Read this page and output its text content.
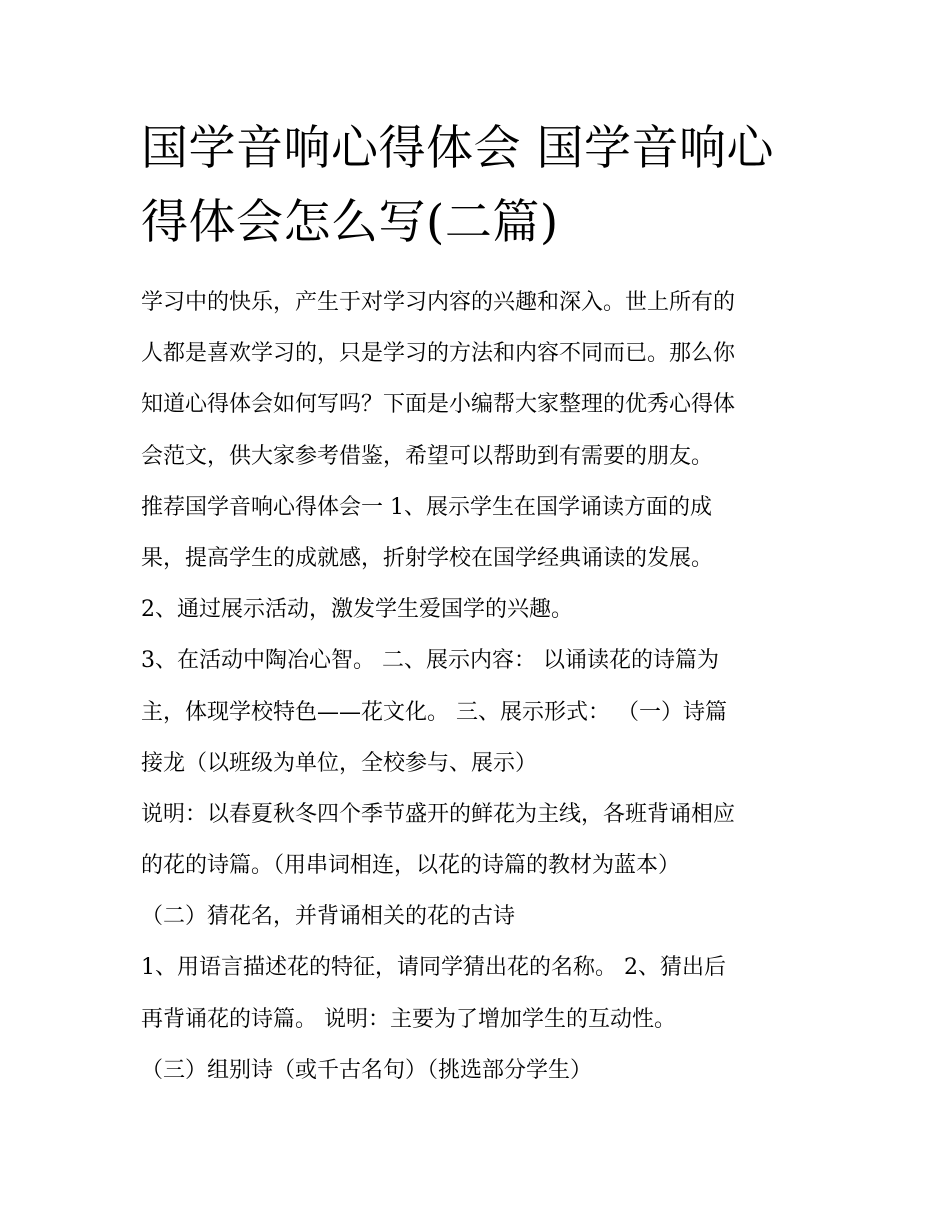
国学音响心得体会 国学音响心
得体会怎么写(二篇)
学习中的快乐，产生于对学习内容的兴趣和深入。世上所有的
人都是喜欢学习的，只是学习的方法和内容不同而已。那么你
知道心得体会如何写吗？下面是小编帮大家整理的优秀心得体
会范文，供大家参考借鉴，希望可以帮助到有需要的朋友。
推荐国学音响心得体会一 1、展示学生在国学诵读方面的成
果，提高学生的成就感，折射学校在国学经典诵读的发展。
2、通过展示活动，激发学生爱国学的兴趣。
3、在活动中陶冶心智。 二、展示内容： 以诵读花的诗篇为
主，体现学校特色——花文化。 三、展示形式： （一）诗篇
接龙（以班级为单位，全校参与、展示）
说明：以春夏秋冬四个季节盛开的鲜花为主线，各班背诵相应
的花的诗篇。（用串词相连，以花的诗篇的教材为蓝本）
（二）猜花名，并背诵相关的花的古诗
1、用语言描述花的特征，请同学猜出花的名称。 2、猜出后
再背诵花的诗篇。 说明：主要为了增加学生的互动性。
（三）组别诗（或千古名句）（挑选部分学生）
